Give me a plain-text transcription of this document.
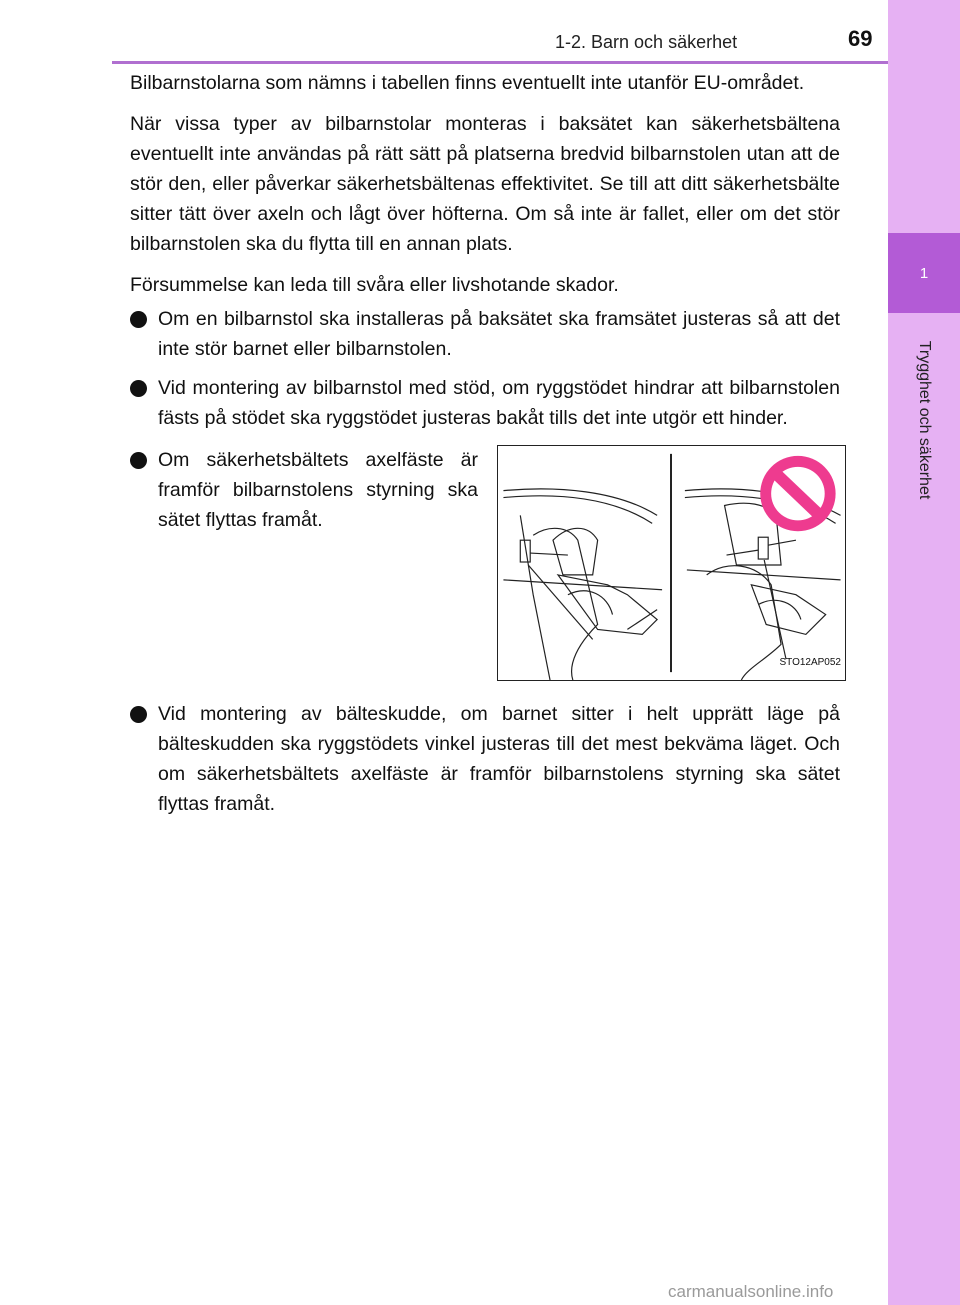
1-2. Barn och säkerhet	69
1
Trygghet och säkerhet

Bilbarnstolarna som nämns i tabellen finns eventuellt inte utanför EU-området.

När vissa typer av bilbarnstolar monteras i baksätet kan säkerhetsbältena eventuellt inte användas på rätt sätt på platserna bredvid bilbarnstolen utan att de stör den, eller påverkar säkerhetsbältenas effektivitet. Se till att ditt säkerhetsbälte sitter tätt över axeln och lågt över höfterna. Om så inte är fallet, eller om det stör bilbarnstolen ska du flytta till en annan plats.

Försummelse kan leda till svåra eller livshotande skador.

Om en bilbarnstol ska installeras på baksätet ska framsätet justeras så att det inte stör barnet eller bilbarnstolen.
Vid montering av bilbarnstol med stöd, om ryggstödet hindrar att bilbarnstolen fästs på stödet ska ryggstödet justeras bakåt tills det inte utgör ett hinder.
Om säkerhetsbältets axelfäste är framför bilbarnstolens styrning ska sätet flyttas framåt.
STO12AP052
Vid montering av bälteskudde, om barnet sitter i helt upprätt läge på bälteskudden ska ryggstödets vinkel justeras till det mest bekväma läget. Och om säkerhetsbältets axelfäste är framför bilbarnstolens styrning ska sätet flyttas framåt.
carmanualsonline.info
